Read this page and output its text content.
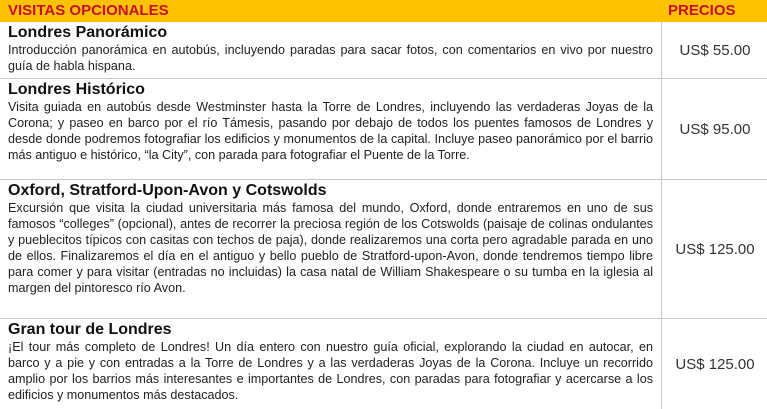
VISITAS OPCIONALES	PRECIOS
Londres Panorámico
Introducción panorámica en autobús, incluyendo paradas para sacar fotos, con comentarios en vivo por nuestro guía de habla hispana.
US$ 55.00
Londres Histórico
Visita guiada en autobús desde Westminster hasta la Torre de Londres, incluyendo las verdaderas Joyas de la Corona; y paseo en barco por el río Támesis, pasando por debajo de todos los puentes famosos de Londres y desde donde podremos fotografiar los edificios y monumentos de la capital. Incluye paseo panorámico por el barrio más antiguo e histórico, “la City”, con parada para fotografiar el Puente de la Torre.
US$ 95.00
Oxford, Stratford-Upon-Avon y Cotswolds
Excursión que visita la ciudad universitaria más famosa del mundo, Oxford, donde entraremos en uno de sus famosos “colleges” (opcional), antes de recorrer la preciosa región de los Cotswolds (paisaje de colinas ondulantes y pueblecitos típicos con casitas con techos de paja), donde realizaremos una corta pero agradable parada en uno de ellos. Finalizaremos el día en el antiguo y bello pueblo de Stratford-upon-Avon, donde tendremos tiempo libre para comer y para visitar (entradas no incluidas) la casa natal de William Shakespeare o su tumba en la iglesia al margen del pintoresco río Avon.
US$ 125.00
Gran tour de Londres
¡El tour más completo de Londres! Un día entero con nuestro guía oficial, explorando la ciudad en autocar, en barco y a pie y con entradas a la Torre de Londres y a las verdaderas Joyas de la Corona. Incluye un recorrido amplio por los barrios más interesantes e importantes de Londres, con paradas para fotografiar y acercarse a los edificios y monumentos más destacados.
US$ 125.00
